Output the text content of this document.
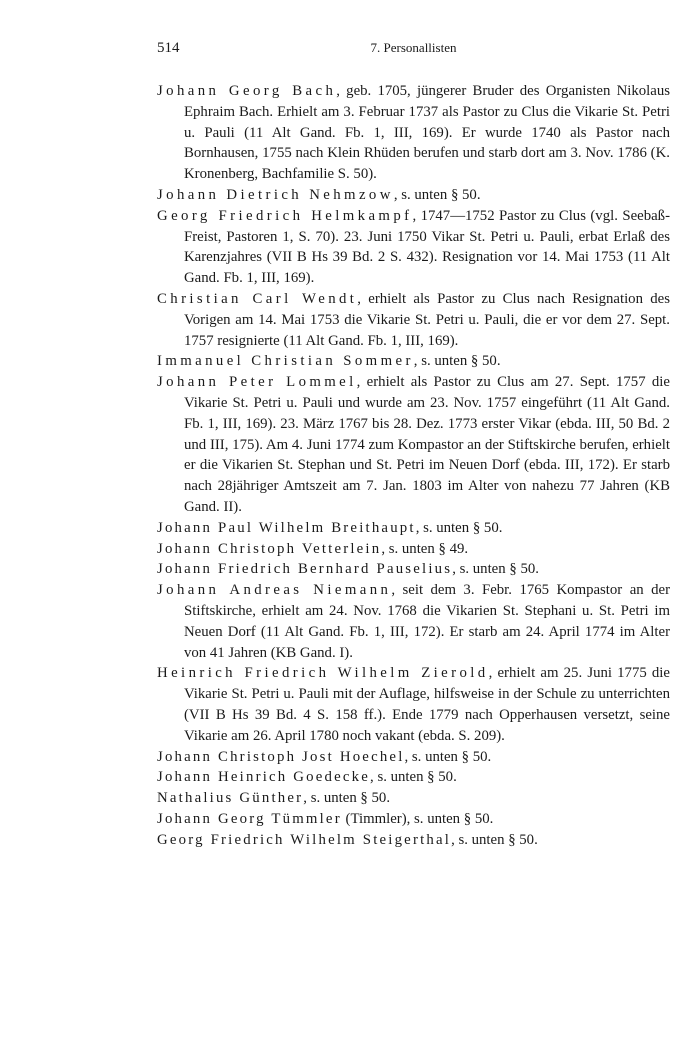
514	7. Personallisten
Johann Georg Bach, geb. 1705, jüngerer Bruder des Organisten Nikolaus Ephraim Bach. Erhielt am 3. Februar 1737 als Pastor zu Clus die Vikarie St. Petri u. Pauli (11 Alt Gand. Fb. 1, III, 169). Er wurde 1740 als Pastor nach Bornhausen, 1755 nach Klein Rhüden berufen und starb dort am 3. Nov. 1786 (K. Kronenberg, Bachfamilie S. 50).
Johann Dietrich Nehmzow, s. unten § 50.
Georg Friedrich Helmkampf, 1747—1752 Pastor zu Clus (vgl. Seebaß-Freist, Pastoren 1, S. 70). 23. Juni 1750 Vikar St. Petri u. Pauli, erbat Erlaß des Karenzjahres (VII B Hs 39 Bd. 2 S. 432). Resignation vor 14. Mai 1753 (11 Alt Gand. Fb. 1, III, 169).
Christian Carl Wendt, erhielt als Pastor zu Clus nach Resignation des Vorigen am 14. Mai 1753 die Vikarie St. Petri u. Pauli, die er vor dem 27. Sept. 1757 resignierte (11 Alt Gand. Fb. 1, III, 169).
Immanuel Christian Sommer, s. unten § 50.
Johann Peter Lommel, erhielt als Pastor zu Clus am 27. Sept. 1757 die Vikarie St. Petri u. Pauli und wurde am 23. Nov. 1757 eingeführt (11 Alt Gand. Fb. 1, III, 169). 23. März 1767 bis 28. Dez. 1773 erster Vikar (ebda. III, 50 Bd. 2 und III, 175). Am 4. Juni 1774 zum Kompastor an der Stiftskirche berufen, erhielt er die Vikarien St. Stephan und St. Petri im Neuen Dorf (ebda. III, 172). Er starb nach 28jähriger Amtszeit am 7. Jan. 1803 im Alter von nahezu 77 Jahren (KB Gand. II).
Johann Paul Wilhelm Breithaupt, s. unten § 50.
Johann Christoph Vetterlein, s. unten § 49.
Johann Friedrich Bernhard Pauselius, s. unten § 50.
Johann Andreas Niemann, seit dem 3. Febr. 1765 Kompastor an der Stiftskirche, erhielt am 24. Nov. 1768 die Vikarien St. Stephani u. St. Petri im Neuen Dorf (11 Alt Gand. Fb. 1, III, 172). Er starb am 24. April 1774 im Alter von 41 Jahren (KB Gand. I).
Heinrich Friedrich Wilhelm Zierold, erhielt am 25. Juni 1775 die Vikarie St. Petri u. Pauli mit der Auflage, hilfsweise in der Schule zu unterrichten (VII B Hs 39 Bd. 4 S. 158 ff.). Ende 1779 nach Opperhausen versetzt, seine Vikarie am 26. April 1780 noch vakant (ebda. S. 209).
Johann Christoph Jost Hoechel, s. unten § 50.
Johann Heinrich Goedecke, s. unten § 50.
Nathalius Günther, s. unten § 50.
Johann Georg Tümmler (Timmler), s. unten § 50.
Georg Friedrich Wilhelm Steigerthal, s. unten § 50.
